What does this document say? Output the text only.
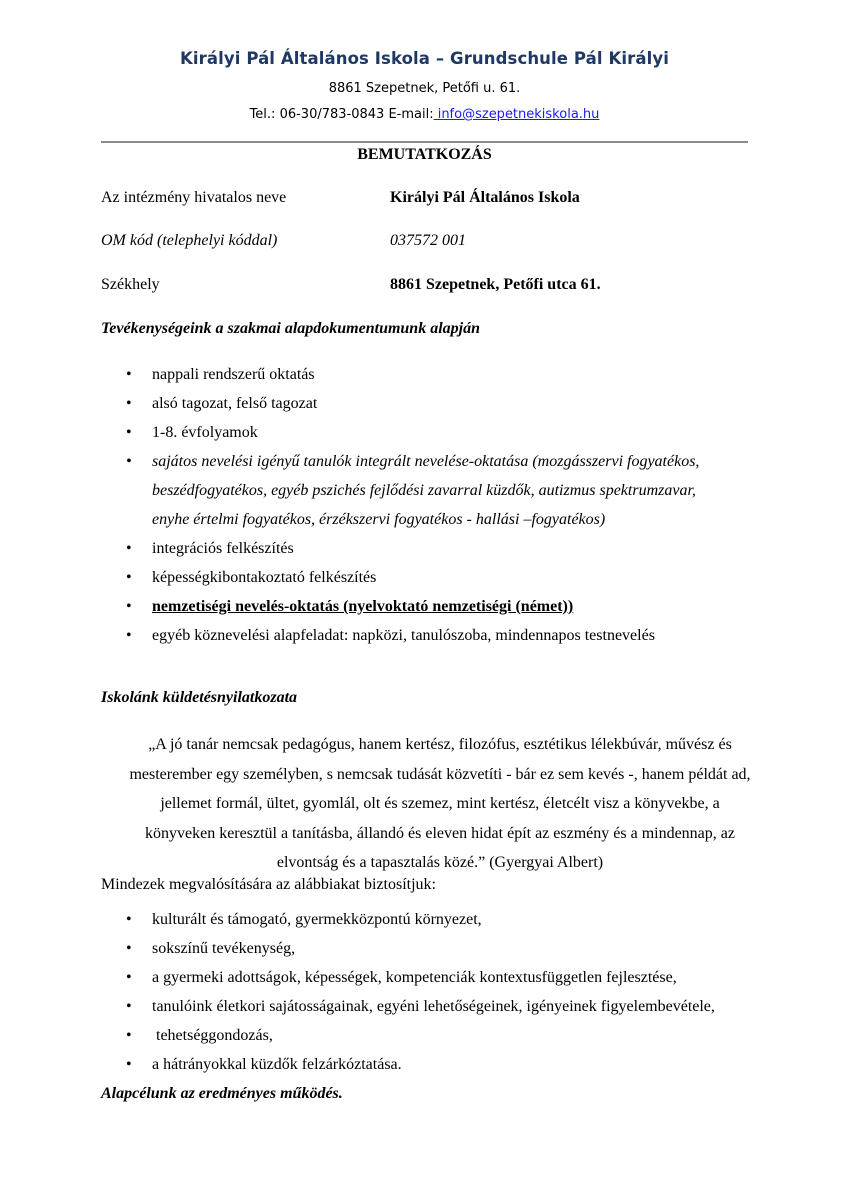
Királyi Pál Általános Iskola – Grundschule Pál Királyi
8861 Szepetnek, Petőfi u. 61.
Tel.: 06-30/783-0843 E-mail: info@szepetnekiskola.hu
BEMUTATKOZÁS
Az intézmény hivatalos neve	Királyi Pál Általános Iskola
OM kód (telephelyi kóddal)	037572 001
Székhely	8861 Szepetnek, Petőfi utca 61.
Tevékenységeink a szakmai alapdokumentumunk alapján
• nappali rendszerű oktatás
• alsó tagozat, felső tagozat
• 1-8. évfolyamok
• sajátos nevelési igényű tanulók integrált nevelése-oktatása (mozgásszervi fogyatékos,
beszédfogyatékos, egyéb pszichés fejlődési zavarral küzdők, autizmus spektrumzavar,
enyhe értelmi fogyatékos, érzékszervi fogyatékos - hallási –fogyatékos)
• integrációs felkészítés
• képességkibontakoztató felkészítés
• nemzetiségi nevelés-oktatás (nyelvoktató nemzetiségi (német))
• egyéb köznevelési alapfeladat: napközi, tanulószoba, mindennapos testnevelés
Iskolánk küldetésnyilatkozata
„A jó tanár nemcsak pedagógus, hanem kertész, filozófus, esztétikus lélekbúvár, művész és
mesterember egy személyben, s nemcsak tudását közvetíti - bár ez sem kevés -, hanem példát ad,
jellemet formál, ültet, gyomlál, olt és szemez, mint kertész, életcélt visz a könyvekbe, a
könyveken keresztül a tanításba, állandó és eleven hidat épít az eszmény és a mindennap, az
elvontság és a tapasztalás közé.” (Gyergyai Albert)
Mindezek megvalósítására az alábbiakat biztosítjuk:
• kulturált és támogató, gyermekközpontú környezet,
• sokszínű tevékenység,
• a gyermeki adottságok, képességek, kompetenciák kontextusfüggetlen fejlesztése,
• tanulóink életkori sajátosságainak, egyéni lehetőségeinek, igényeinek figyelembevétele,
• tehetséggondozás,
• a hátrányokkal küzdők felzárkóztatása.
Alapcélunk az eredményes működés.
